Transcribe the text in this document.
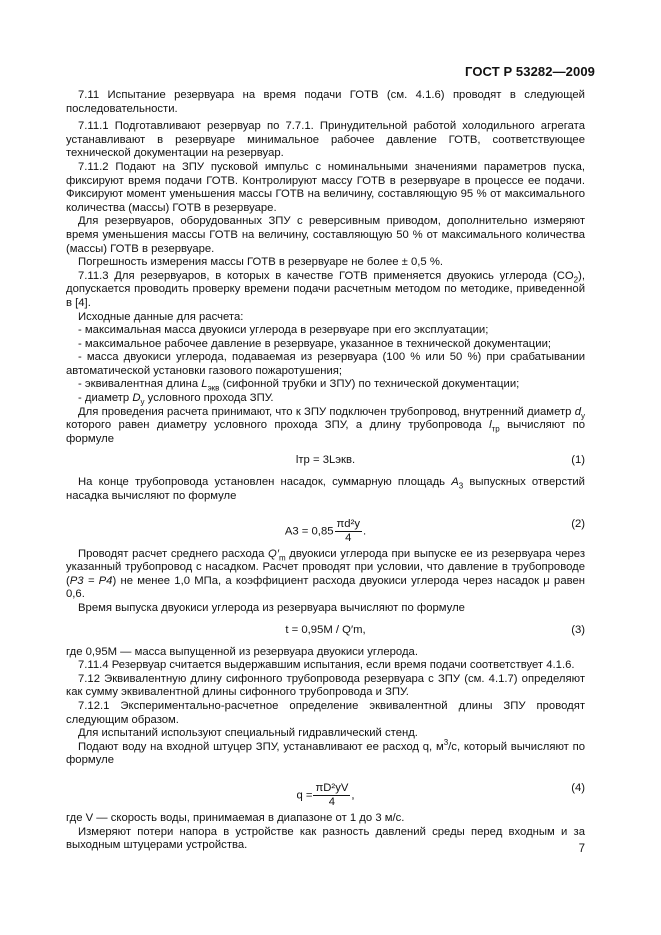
ГОСТ Р 53282—2009

7.11 Испытание резервуара на время подачи ГОТВ (см. 4.1.6) проводят в следующей последовательности.

7.11.1 Подготавливают резервуар по 7.7.1. Принудительной работой холодильного агрегата устанавливают в резервуаре минимальное рабочее давление ГОТВ, соответствующее технической документации на резервуар.

7.11.2 Подают на ЗПУ пусковой импульс с номинальными значениями параметров пуска, фиксируют время подачи ГОТВ. Контролируют массу ГОТВ в резервуаре в процессе ее подачи. Фиксируют момент уменьшения массы ГОТВ на величину, составляющую 95 % от максимального количества (массы) ГОТВ в резервуаре.

Для резервуаров, оборудованных ЗПУ с реверсивным приводом, дополнительно измеряют время уменьшения массы ГОТВ на величину, составляющую 50 % от максимального количества (массы) ГОТВ в резервуаре.

Погрешность измерения массы ГОТВ в резервуаре не более ± 0,5 %.

7.11.3 Для резервуаров, в которых в качестве ГОТВ применяется двуокись углерода $(CO_2)$, допускается проводить проверку времени подачи расчетным методом по методике, приведенной в [4].

Исходные данные для расчета:

- максимальная масса двуокиси углерода в резервуаре при его эксплуатации;

- максимальное рабочее давление в резервуаре, указанное в технической документации;

- масса двуокиси углерода, подаваемая из резервуара (100 % или 50 %) при срабатывании автоматической установки газового пожаротушения;

- эквивалентная длина $L_{экв}$ (сифонной трубки и ЗПУ) по технической документации;

- диаметр $D_у$ условного прохода ЗПУ.

Для проведения расчета принимают, что к ЗПУ подключен трубопровод, внутренний диаметр $d_у$ которого равен диаметру условного прохода ЗПУ, а длину трубопровода $l_{тр}$ вычисляют по формуле

lтр = 3Lэкв.	(1)

На конце трубопровода установлен насадок, суммарную площадь $A_3$ выпускных отверстий насадка вычисляют по формуле

$A3 = 0,85 \frac{\text{πd²у}}{4}$ .
(2)

Проводят расчет среднего расхода $Q'_m$ двуокиси углерода при выпуске ее из резервуара через указанный трубопровод с насадком. Расчет проводят при условии, что давление в трубопроводе (P3 = P4) не менее 1,0 МПа, а коэффициент расхода двуокиси углерода через насадок μ равен 0,6.

Время выпуска двуокиси углерода из резервуара вычисляют по формуле

t = 0,95M / Q′m,	(3)

где 0,95M — масса выпущенной из резервуара двуокиси углерода.

7.11.4 Резервуар считается выдержавшим испытания, если время подачи соответствует 4.1.6.

7.12 Эквивалентную длину сифонного трубопровода резервуара с ЗПУ (см. 4.1.7) определяют как сумму эквивалентной длины сифонного трубопровода и ЗПУ.

7.12.1 Экспериментально-расчетное определение эквивалентной длины ЗПУ проводят следующим образом.

Для испытаний используют специальный гидравлический стенд.

Подают воду на входной штуцер ЗПУ, устанавливают ее расход q, $м^3/с$, который вычисляют по формуле

$q = \frac{\text{πD²уV}}{4}$ ,
(4)

где V — скорость воды, принимаемая в диапазоне от 1 до 3 м/с.

Измеряют потери напора в устройстве как разность давлений среды перед входным и за выходным штуцерами устройства.	7
